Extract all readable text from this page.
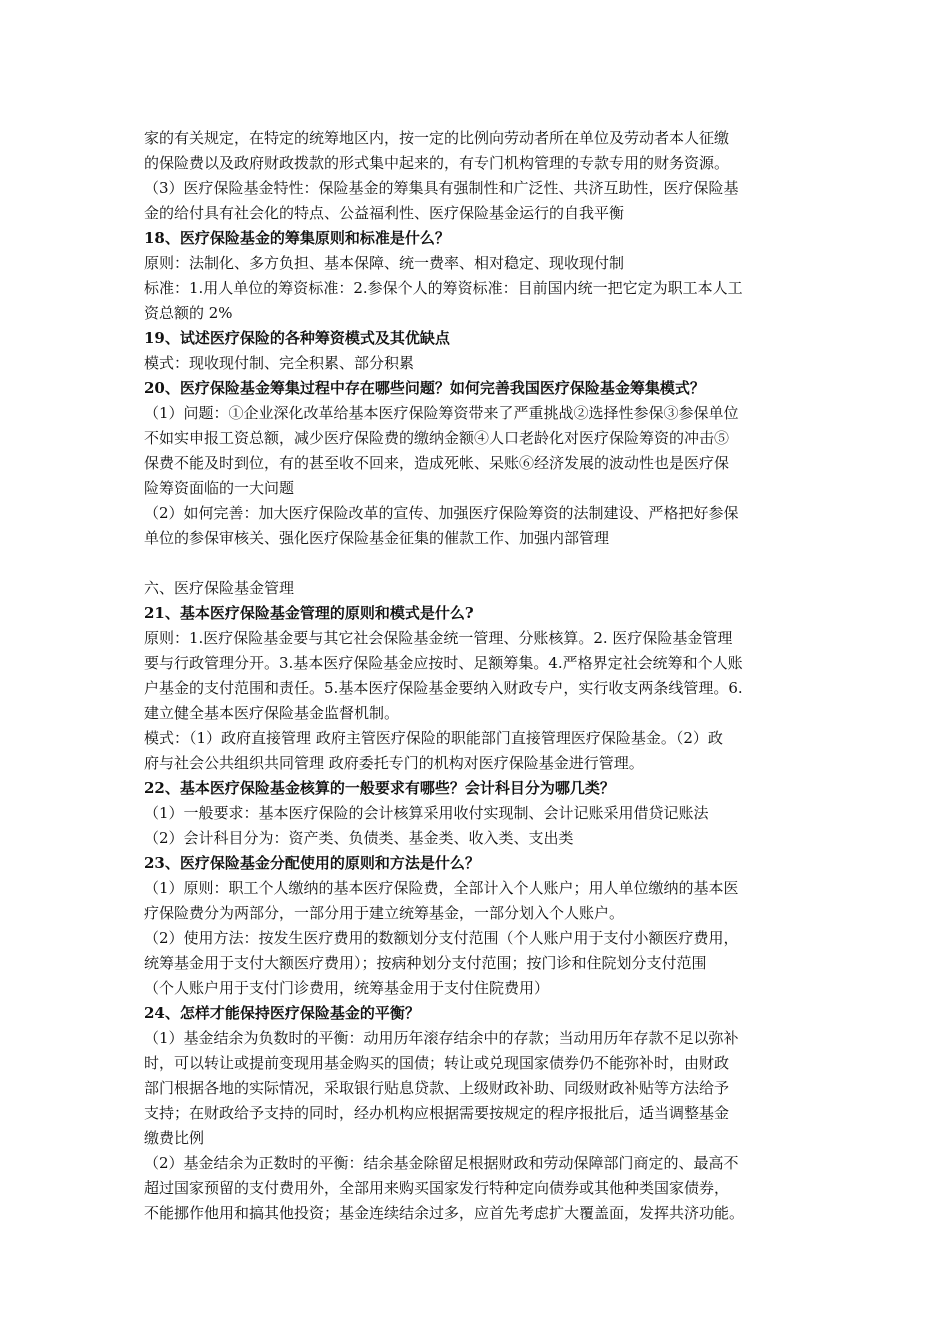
家的有关规定，在特定的统筹地区内，按一定的比例向劳动者所在单位及劳动者本人征缴
的保险费以及政府财政拨款的形式集中起来的，有专门机构管理的专款专用的财务资源。
（3）医疗保险基金特性：保险基金的筹集具有强制性和广泛性、共济互助性，医疗保险基
金的给付具有社会化的特点、公益福利性、医疗保险基金运行的自我平衡
18、医疗保险基金的筹集原则和标准是什么？
原则：法制化、多方负担、基本保障、统一费率、相对稳定、现收现付制
标准：1.用人单位的筹资标准：2.参保个人的筹资标准：目前国内统一把它定为职工本人工
资总额的 2%
19、试述医疗保险的各种筹资模式及其优缺点
模式：现收现付制、完全积累、部分积累
20、医疗保险基金筹集过程中存在哪些问题？如何完善我国医疗保险基金筹集模式？
（1）问题：①企业深化改革给基本医疗保险筹资带来了严重挑战②选择性参保③参保单位
不如实申报工资总额，减少医疗保险费的缴纳金额④人口老龄化对医疗保险筹资的冲击⑤
保费不能及时到位，有的甚至收不回来，造成死帐、呆账⑥经济发展的波动性也是医疗保
险筹资面临的一大问题
（2）如何完善：加大医疗保险改革的宣传、加强医疗保险筹资的法制建设、严格把好参保
单位的参保审核关、强化医疗保险基金征集的催款工作、加强内部管理
六、医疗保险基金管理
21、基本医疗保险基金管理的原则和模式是什么?
原则：1.医疗保险基金要与其它社会保险基金统一管理、分账核算。2. 医疗保险基金管理
要与行政管理分开。3.基本医疗保险基金应按时、足额筹集。4.严格界定社会统筹和个人账
户基金的支付范围和责任。5.基本医疗保险基金要纳入财政专户，实行收支两条线管理。6.
建立健全基本医疗保险基金监督机制。
模式：（1）政府直接管理 政府主管医疗保险的职能部门直接管理医疗保险基金。（2）政
府与社会公共组织共同管理 政府委托专门的机构对医疗保险基金进行管理。
22、基本医疗保险基金核算的一般要求有哪些？会计科目分为哪几类？
（1）一般要求：基本医疗保险的会计核算采用收付实现制、会计记账采用借贷记账法
（2）会计科目分为：资产类、负债类、基金类、收入类、支出类
23、医疗保险基金分配使用的原则和方法是什么？
（1）原则：职工个人缴纳的基本医疗保险费，全部计入个人账户；用人单位缴纳的基本医
疗保险费分为两部分，一部分用于建立统筹基金，一部分划入个人账户。
（2）使用方法：按发生医疗费用的数额划分支付范围（个人账户用于支付小额医疗费用，
统筹基金用于支付大额医疗费用）；按病种划分支付范围；按门诊和住院划分支付范围
（个人账户用于支付门诊费用，统筹基金用于支付住院费用）
24、怎样才能保持医疗保险基金的平衡？
（1）基金结余为负数时的平衡：动用历年滚存结余中的存款；当动用历年存款不足以弥补
时，可以转让或提前变现用基金购买的国债；转让或兑现国家债券仍不能弥补时，由财政
部门根据各地的实际情况，采取银行贴息贷款、上级财政补助、同级财政补贴等方法给予
支持；在财政给予支持的同时，经办机构应根据需要按规定的程序报批后，适当调整基金
缴费比例
（2）基金结余为正数时的平衡：结余基金除留足根据财政和劳动保障部门商定的、最高不
超过国家预留的支付费用外，全部用来购买国家发行特种定向债券或其他种类国家债券，
不能挪作他用和搞其他投资；基金连续结余过多，应首先考虑扩大覆盖面，发挥共济功能。
